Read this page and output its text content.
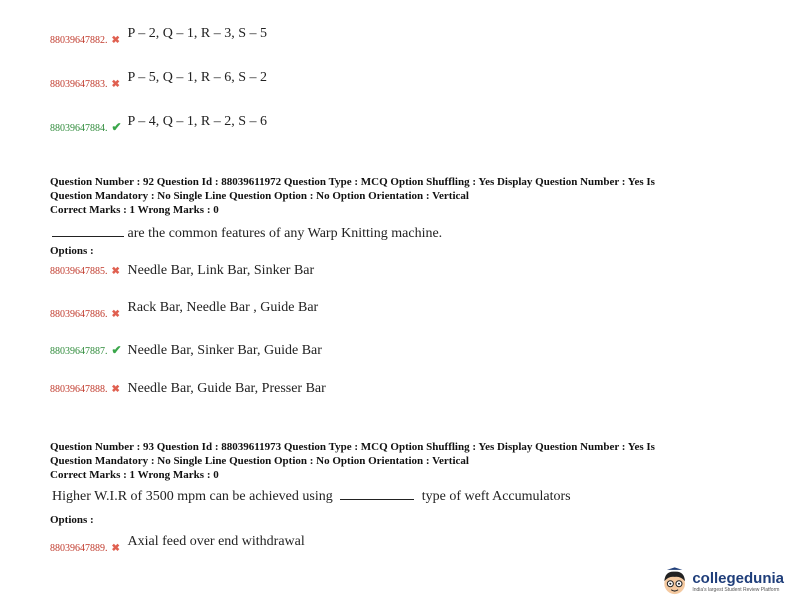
88039647882. ✖ P – 2, Q – 1, R – 3, S – 5
88039647883. ✖ P – 5, Q – 1, R – 6, S – 2
88039647884. ✔ P – 4, Q – 1, R – 2, S – 6
Question Number : 92 Question Id : 88039611972 Question Type : MCQ Option Shuffling : Yes Display Question Number : Yes Is
Question Mandatory : No Single Line Question Option : No Option Orientation : Vertical
Correct Marks : 1 Wrong Marks : 0
are the common features of any Warp Knitting machine.
Options :
88039647885. ✖ Needle Bar, Link Bar, Sinker Bar
88039647886. ✖ Rack Bar, Needle Bar , Guide Bar
88039647887. ✔ Needle Bar, Sinker Bar, Guide Bar
88039647888. ✖ Needle Bar, Guide Bar, Presser Bar
Question Number : 93 Question Id : 88039611973 Question Type : MCQ Option Shuffling : Yes Display Question Number : Yes Is
Question Mandatory : No Single Line Question Option : No Option Orientation : Vertical
Correct Marks : 1 Wrong Marks : 0
Higher W.I.R of 3500 mpm can be achieved using	type of weft Accumulators
Options :
88039647889. ✖ Axial feed over end withdrawal
collegedunia
India's largest Student Review Platform
